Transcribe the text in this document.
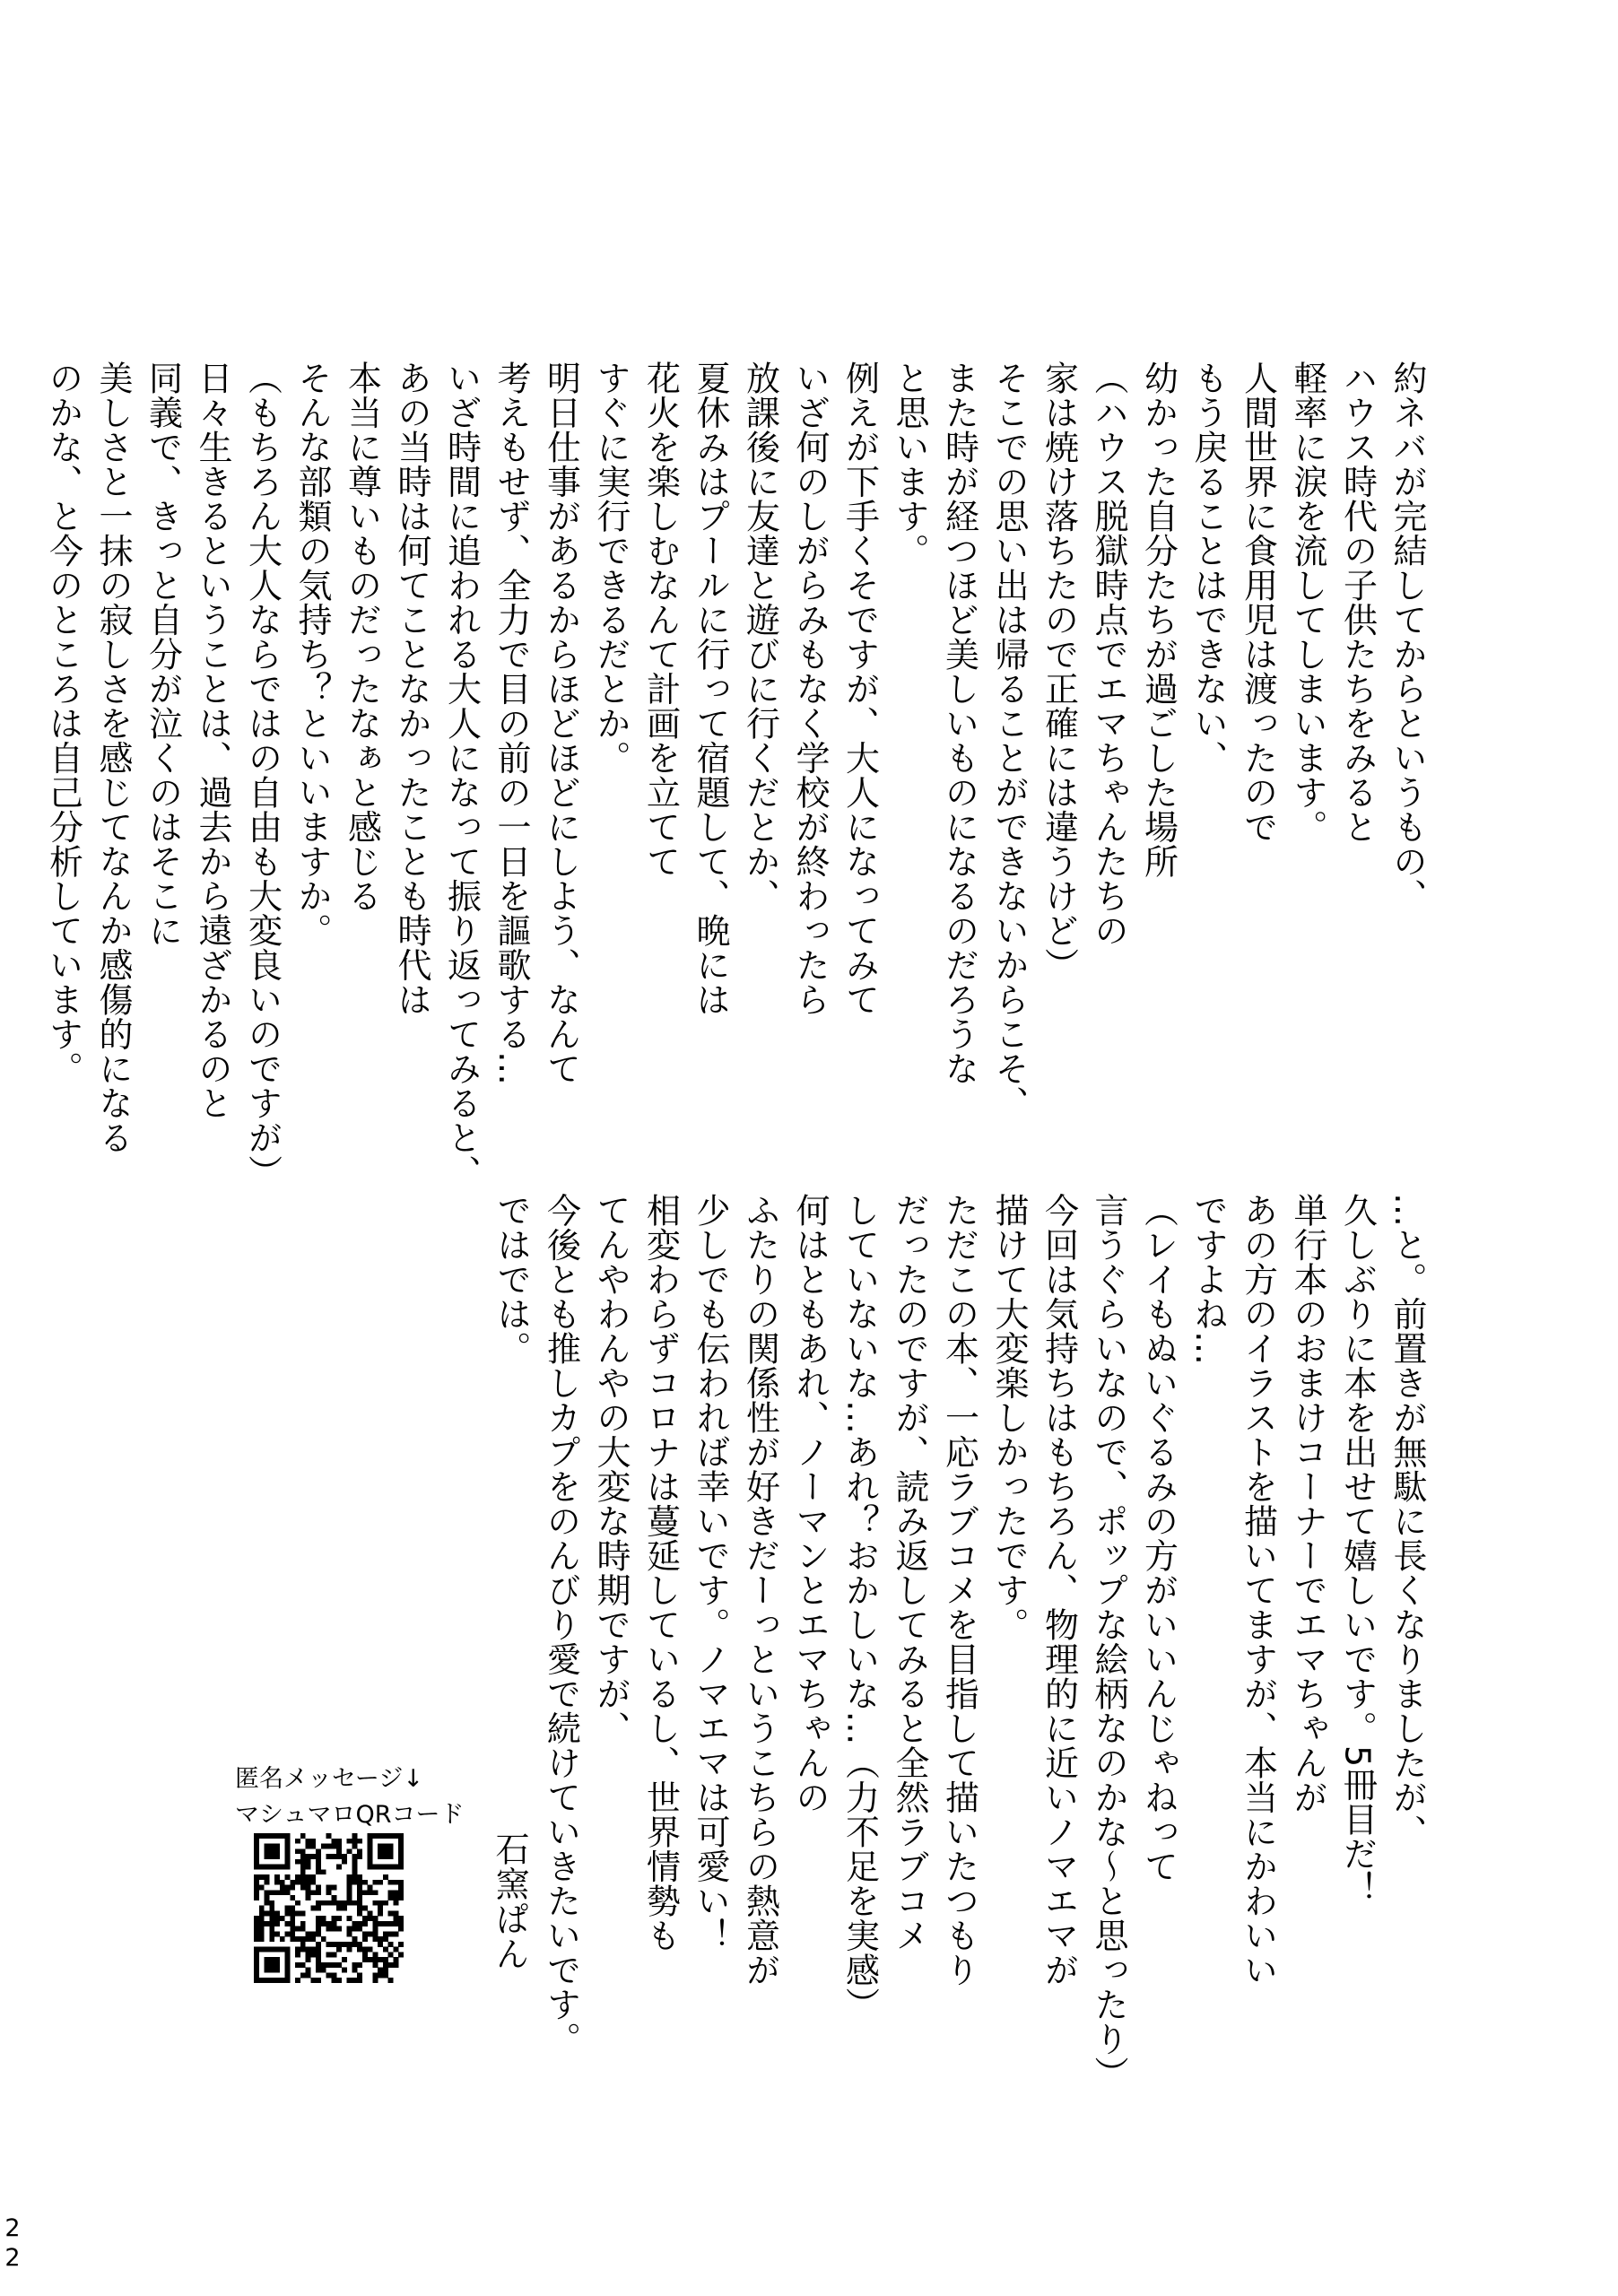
約ネバが完結してからというもの、

ハウス時代の子供たちをみると

軽率に涙を流してしまいます。

人間世界に食用児は渡ったので

もう戻ることはできない、

幼かった自分たちが過ごした場所

（ハウス脱獄時点でエマちゃんたちの

家は焼け落ちたので正確には違うけど）

そこでの思い出は帰ることができないからこそ、

また時が経つほど美しいものになるのだろうな

と思います。

例えが下手くそですが、大人になってみて

いざ何のしがらみもなく学校が終わったら

放課後に友達と遊びに行くだとか、

夏休みはプールに行って宿題して、晩には

花火を楽しむなんて計画を立てて

すぐに実行できるだとか。

明日仕事があるからほどほどにしよう、なんて

考えもせず、全力で目の前の一日を謳歌する…

いざ時間に追われる大人になって振り返ってみると、

あの当時は何てことなかったことも時代は

本当に尊いものだったなぁと感じる

そんな部類の気持ち？といいますか。

（もちろん大人ならではの自由も大変良いのですが）

日々生きるということは、過去から遠ざかるのと

同義で、きっと自分が泣くのはそこに

美しさと一抹の寂しさを感じてなんか感傷的になる

のかな、と今のところは自己分析しています。

…と。前置きが無駄に長くなりましたが、

久しぶりに本を出せて嬉しいです。5冊目だ！

単行本のおまけコーナーでエマちゃんが

あの方のイラストを描いてますが、本当にかわいい

ですよね…

（レイもぬいぐるみの方がいいんじゃねって

言うぐらいなので、ポップな絵柄なのかな～と思ったり）

今回は気持ちはもちろん、物理的に近いノマエマが

描けて大変楽しかったです。

ただこの本、一応ラブコメを目指して描いたつもり

だったのですが、読み返してみると全然ラブコメ

していないな…あれ？おかしいな…（力不足を実感）

何はともあれ、ノーマンとエマちゃんの

ふたりの関係性が好きだーっというこちらの熱意が

少しでも伝われば幸いです。ノマエマは可愛い！

相変わらずコロナは蔓延しているし、世界情勢も

てんやわんやの大変な時期ですが、

今後とも推しカプをのんびり愛で続けていきたいです。

ではでは。

石窯ぱん
匿名メッセージ↓
マシュマロQRコード
2
2
